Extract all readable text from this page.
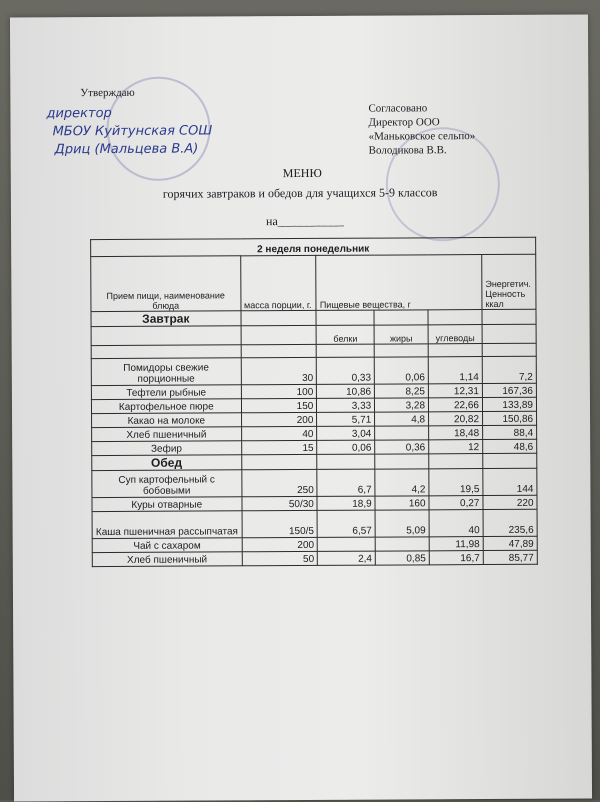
Утверждаю
директор
МБОУ Куйтунская СОШ
Дриц (Мальцева В.А)
Согласовано
Директор ООО
«Маньковское сельпо»
Володикова В.В.
МЕНЮ
горячих завтраков и обедов для учащихся 5-9 классов
на___________
2 неделя понедельник					
Прием пищи, наименование блюда	масса порции, г.	Пищевые вещества, г			Энергетич. Ценность ккал
Завтрак					
		белки	жиры	углеводы	

Помидоры свежие порционные	30	0,33	0,06	1,14	7,2
Тефтели рыбные	100	10,86	8,25	12,31	167,36
Картофельное пюре	150	3,33	3,28	22,66	133,89
Какао на молоке	200	5,71	4,8	20,82	150,86
Хлеб пшеничный	40	3,04		18,48	88,4
Зефир	15	0,06	0,36	12	48,6
Обед					
Суп картофельный с бобовыми	250	6,7	4,2	19,5	144
Куры отварные	50/30	18,9	160	0,27	220
Каша пшеничная рассыпчатая	150/5	6,57	5,09	40	235,6
Чай с сахаром	200			11,98	47,89
Хлеб пшеничный	50	2,4	0,85	16,7	85,77
